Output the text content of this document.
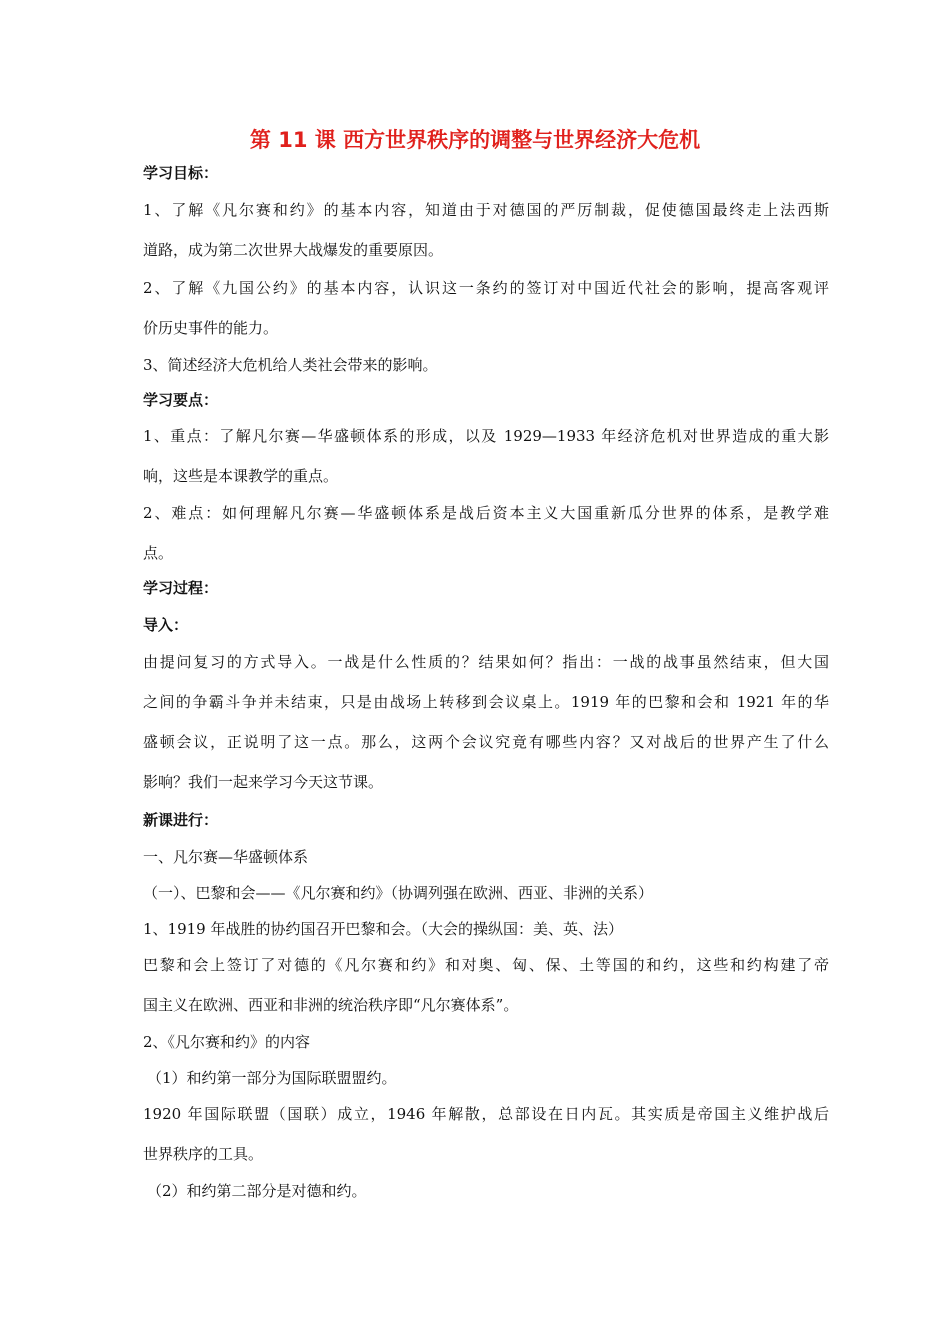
第 11 课 西方世界秩序的调整与世界经济大危机
学习目标：
1、了解《凡尔赛和约》的基本内容，知道由于对德国的严厉制裁，促使德国最终走上法西斯
道路，成为第二次世界大战爆发的重要原因。
2、了解《九国公约》的基本内容，认识这一条约的签订对中国近代社会的影响，提高客观评
价历史事件的能力。
3、简述经济大危机给人类社会带来的影响。
学习要点：
1、重点：了解凡尔赛—华盛顿体系的形成，以及 1929—1933 年经济危机对世界造成的重大影
响，这些是本课教学的重点。
2、难点：如何理解凡尔赛—华盛顿体系是战后资本主义大国重新瓜分世界的体系，是教学难
点。
学习过程：
导入：
由提问复习的方式导入。一战是什么性质的？结果如何？指出：一战的战事虽然结束，但大国
之间的争霸斗争并未结束，只是由战场上转移到会议桌上。1919 年的巴黎和会和 1921 年的华
盛顿会议，正说明了这一点。那么，这两个会议究竟有哪些内容？又对战后的世界产生了什么
影响？我们一起来学习今天这节课。
新课进行：
一、凡尔赛—华盛顿体系
（一）、巴黎和会——《凡尔赛和约》（协调列强在欧洲、西亚、非洲的关系）
1、1919 年战胜的协约国召开巴黎和会。（大会的操纵国：美、英、法）
巴黎和会上签订了对德的《凡尔赛和约》和对奥、匈、保、土等国的和约，这些和约构建了帝
国主义在欧洲、西亚和非洲的统治秩序即“凡尔赛体系”。
2、《凡尔赛和约》的内容
（1）和约第一部分为国际联盟盟约。
1920 年国际联盟（国联）成立，1946 年解散，总部设在日内瓦。其实质是帝国主义维护战后
世界秩序的工具。
（2）和约第二部分是对德和约。
